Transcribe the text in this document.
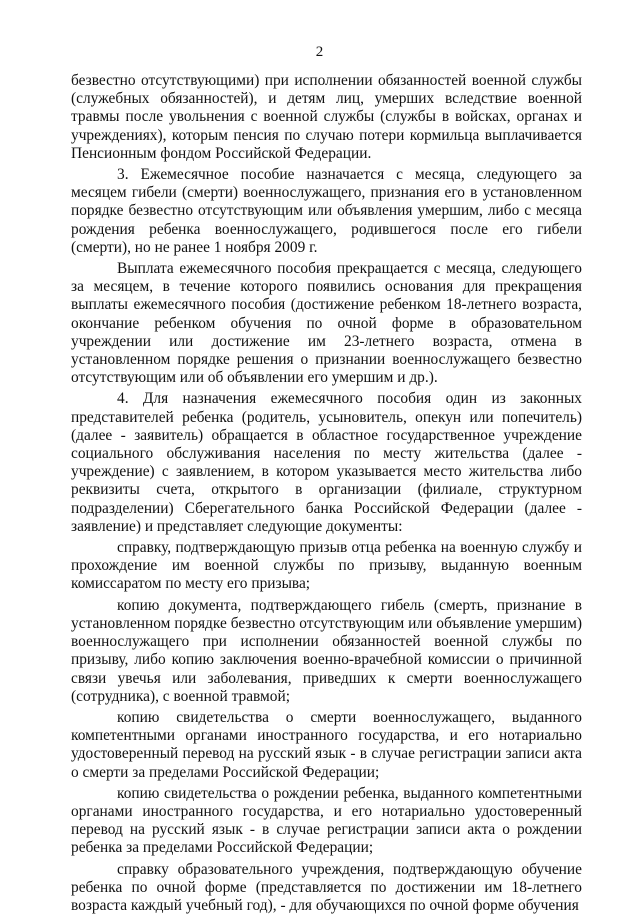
2

безвестно отсутствующими) при исполнении обязанностей военной службы (служебных обязанностей), и детям лиц, умерших вследствие военной травмы после увольнения с военной службы (службы в войсках, органах и учреждениях), которым пенсия по случаю потери кормильца выплачивается Пенсионным фондом Российской Федерации.

3. Ежемесячное пособие назначается с месяца, следующего за месяцем гибели (смерти) военнослужащего, признания его в установленном порядке безвестно отсутствующим или объявления умершим, либо с месяца рождения ребенка военнослужащего, родившегося после его гибели (смерти), но не ранее 1 ноября 2009 г.

Выплата ежемесячного пособия прекращается с месяца, следующего за месяцем, в течение которого появились основания для прекращения выплаты ежемесячного пособия (достижение ребенком 18-летнего возраста, окончание ребенком обучения по очной форме в образовательном учреждении или достижение им 23-летнего возраста, отмена в установленном порядке решения о признании военнослужащего безвестно отсутствующим или об объявлении его умершим и др.).

4. Для назначения ежемесячного пособия один из законных представителей ребенка (родитель, усыновитель, опекун или попечитель) (далее - заявитель) обращается в областное государственное учреждение социального обслуживания населения по месту жительства (далее - учреждение) с заявлением, в котором указывается место жительства либо реквизиты счета, открытого в организации (филиале, структурном подразделении) Сберегательного банка Российской Федерации (далее - заявление) и представляет следующие документы:

справку, подтверждающую призыв отца ребенка на военную службу и прохождение им военной службы по призыву, выданную военным комиссаратом по месту его призыва;

копию документа, подтверждающего гибель (смерть, признание в установленном порядке безвестно отсутствующим или объявление умершим) военнослужащего при исполнении обязанностей военной службы по призыву, либо копию заключения военно-врачебной комиссии о причинной связи увечья или заболевания, приведших к смерти военнослужащего (сотрудника), с военной травмой;

копию свидетельства о смерти военнослужащего, выданного компетентными органами иностранного государства, и его нотариально удостоверенный перевод на русский язык - в случае регистрации записи акта о смерти за пределами Российской Федерации;

копию свидетельства о рождении ребенка, выданного компетентными органами иностранного государства, и его нотариально удостоверенный перевод на русский язык - в случае регистрации записи акта о рождении ребенка за пределами Российской Федерации;

справку образовательного учреждения, подтверждающую обучение ребенка по очной форме (представляется по достижении им 18-летнего возраста каждый учебный год), - для обучающихся по очной форме обучения
